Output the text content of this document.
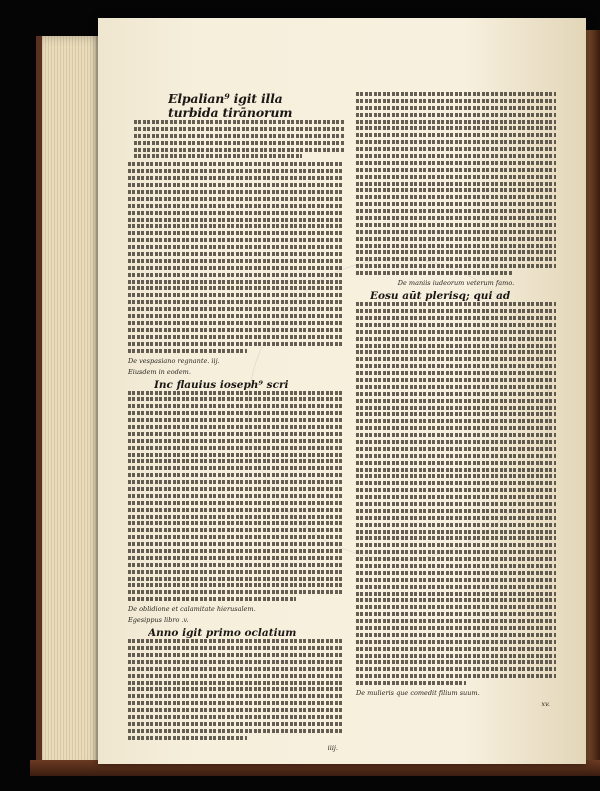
Elpalian⁹ igit illa
turbida tirānorum
De vespasiano regnante. iij.
Eiusdem in eodem.
Inc flauius ioseph⁹ scri
De oblidione et calamitate hierusalem.
Egesippus libro .v.
Anno igit primo oclatium
iiij.
De maniis iudeorum veterum famo.
Eosu aūt plerisq; qui ad
De mulieris que comedit filium suum.
xv.
